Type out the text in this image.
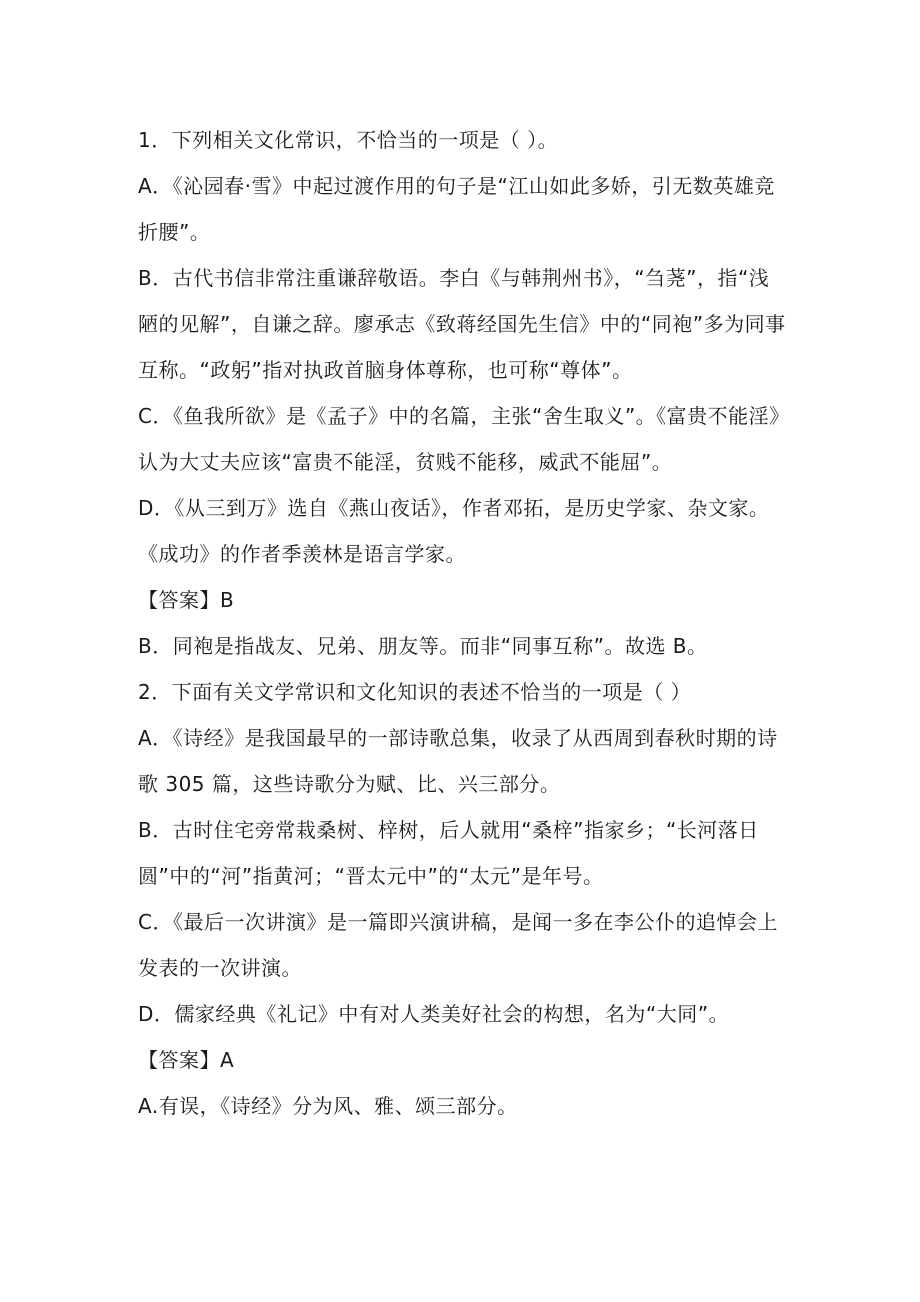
1．下列相关文化常识，不恰当的一项是（ ）。

A．《沁园春·雪》中起过渡作用的句子是“江山如此多娇，引无数英雄竞折腰”。

B．古代书信非常注重谦辞敬语。李白《与韩荆州书》，“刍荛”，指“浅陋的见解”，自谦之辞。廖承志《致蒋经国先生信》中的“同袍”多为同事互称。“政躬”指对执政首脑身体尊称，也可称“尊体”。

C．《鱼我所欲》是《孟子》中的名篇，主张“舍生取义”。《富贵不能淫》认为大丈夫应该“富贵不能淫，贫贱不能移，威武不能屈”。

D．《从三到万》选自《燕山夜话》，作者邓拓，是历史学家、杂文家。《成功》的作者季羡林是语言学家。

【答案】B

B．同袍是指战友、兄弟、朋友等。而非“同事互称”。故选 B。

2．下面有关文学常识和文化知识的表述不恰当的一项是（ ）

A．《诗经》是我国最早的一部诗歌总集，收录了从西周到春秋时期的诗歌 305 篇，这些诗歌分为赋、比、兴三部分。

B．古时住宅旁常栽桑树、梓树，后人就用“桑梓”指家乡；“长河落日圆”中的“河”指黄河；“晋太元中”的“太元”是年号。

C．《最后一次讲演》是一篇即兴演讲稿，是闻一多在李公仆的追悼会上发表的一次讲演。

D．儒家经典《礼记》中有对人类美好社会的构想，名为“大同”。

【答案】A

A.有误，《诗经》分为风、雅、颂三部分。
